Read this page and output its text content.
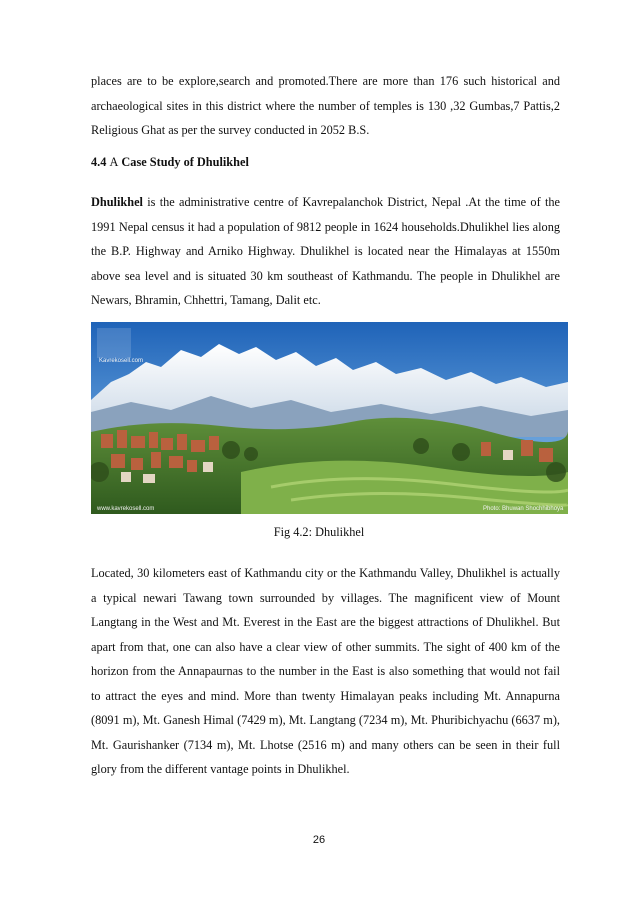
places are to be explore,search and promoted.There are more than 176 such historical and archaeological sites in this district where the number of temples is 130 ,32 Gumbas,7 Pattis,2 Religious Ghat as per the survey conducted in 2052 B.S.

4.4 A Case Study of Dhulikhel

Dhulikhel is the administrative centre of Kavrepalanchok District, Nepal .At the time of the 1991 Nepal census it had a population of 9812 people in 1624 households.Dhulikhel lies along the B.P. Highway and Arniko Highway. Dhulikhel is located near the Himalayas at 1550m above sea level and is situated 30 km southeast of Kathmandu. The people in Dhulikhel are Newars, Bhramin, Chhettri, Tamang, Dalit etc.

Kavrekosell.com
www.kavrekosell.com	Photo: Bhuwan Shochhibhoya
Fig 4.2: Dhulikhel

Located, 30 kilometers east of Kathmandu city or the Kathmandu Valley, Dhulikhel is actually a typical newari Tawang town surrounded by villages. The magnificent view of Mount Langtang in the West and Mt. Everest in the East are the biggest attractions of Dhulikhel. But apart from that, one can also have a clear view of other summits. The sight of 400 km of the horizon from the Annapaurnas to the number in the East is also something that would not fail to attract the eyes and mind. More than twenty Himalayan peaks including Mt. Annapurna (8091 m), Mt. Ganesh Himal (7429 m), Mt. Langtang (7234 m), Mt. Phuribichyachu (6637 m), Mt. Gaurishanker (7134 m), Mt. Lhotse (2516 m) and many others can be seen in their full glory from the different vantage points in Dhulikhel.

26
